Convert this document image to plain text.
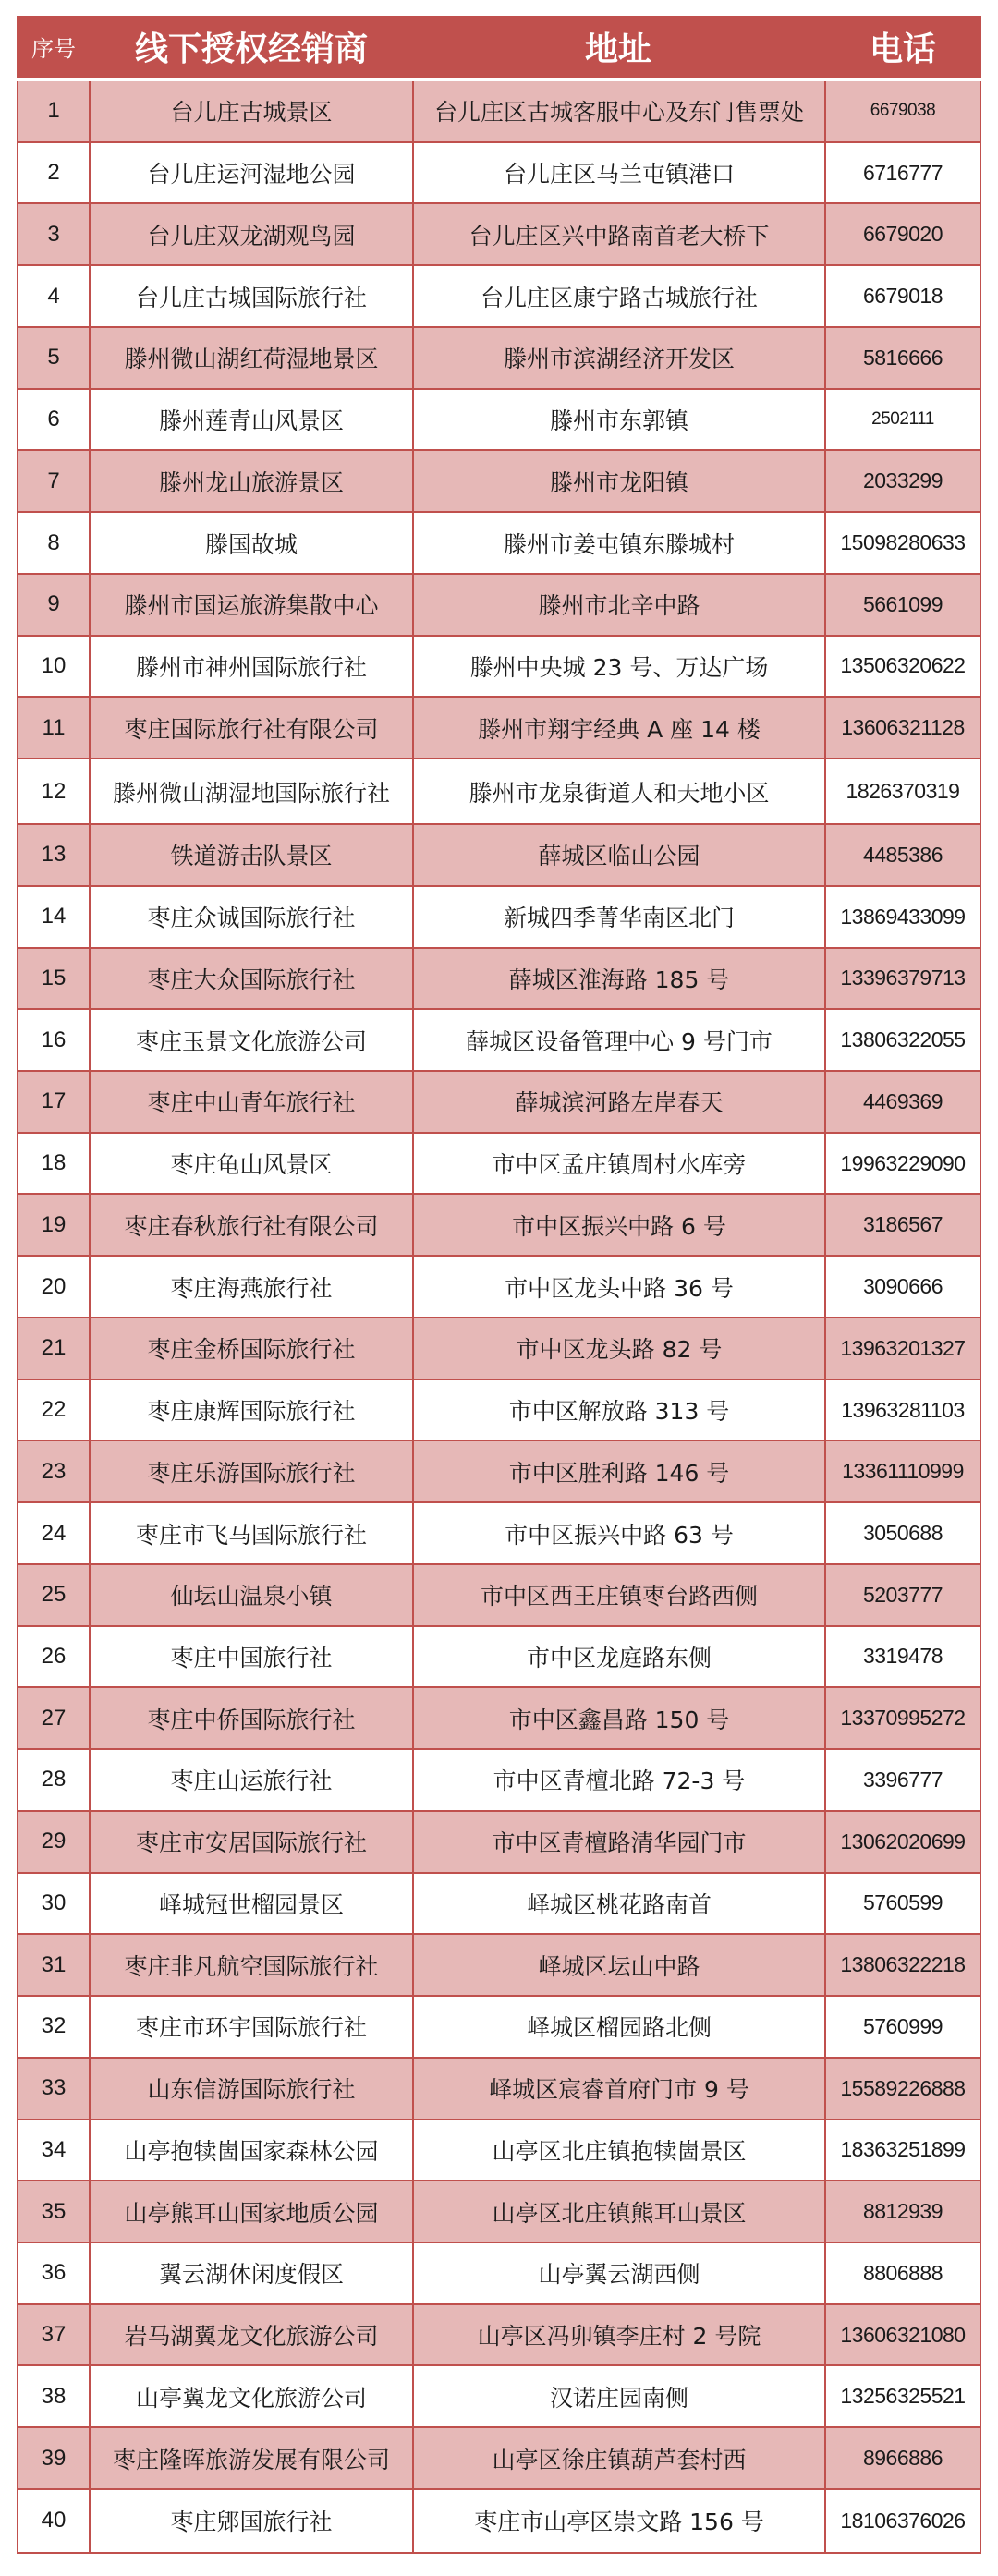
序号	线下授权经销商	地址	电话
1	台儿庄古城景区	台儿庄区古城客服中心及东门售票处	6679038
2	台儿庄运河湿地公园	台儿庄区马兰屯镇港口	6716777
3	台儿庄双龙湖观鸟园	台儿庄区兴中路南首老大桥下	6679020
4	台儿庄古城国际旅行社	台儿庄区康宁路古城旅行社	6679018
5	滕州微山湖红荷湿地景区	滕州市滨湖经济开发区	5816666
6	滕州莲青山风景区	滕州市东郭镇	2502111
7	滕州龙山旅游景区	滕州市龙阳镇	2033299
8	滕国故城	滕州市姜屯镇东滕城村	15098280633
9	滕州市国运旅游集散中心	滕州市北辛中路	5661099
10	滕州市神州国际旅行社	滕州中央城 23 号、万达广场	13506320622
11	枣庄国际旅行社有限公司	滕州市翔宇经典 A 座 14 楼	13606321128
12	滕州微山湖湿地国际旅行社	滕州市龙泉街道人和天地小区	1826370319
13	铁道游击队景区	薛城区临山公园	4485386
14	枣庄众诚国际旅行社	新城四季菁华南区北门	13869433099
15	枣庄大众国际旅行社	薛城区淮海路 185 号	13396379713
16	枣庄玉景文化旅游公司	薛城区设备管理中心 9 号门市	13806322055
17	枣庄中山青年旅行社	薛城滨河路左岸春天	4469369
18	枣庄龟山风景区	市中区孟庄镇周村水库旁	19963229090
19	枣庄春秋旅行社有限公司	市中区振兴中路 6 号	3186567
20	枣庄海燕旅行社	市中区龙头中路 36 号	3090666
21	枣庄金桥国际旅行社	市中区龙头路 82 号	13963201327
22	枣庄康辉国际旅行社	市中区解放路 313 号	13963281103
23	枣庄乐游国际旅行社	市中区胜利路 146 号	13361110999
24	枣庄市飞马国际旅行社	市中区振兴中路 63 号	3050688
25	仙坛山温泉小镇	市中区西王庄镇枣台路西侧	5203777
26	枣庄中国旅行社	市中区龙庭路东侧	3319478
27	枣庄中侨国际旅行社	市中区鑫昌路 150 号	13370995272
28	枣庄山运旅行社	市中区青檀北路 72-3 号	3396777
29	枣庄市安居国际旅行社	市中区青檀路清华园门市	13062020699
30	峄城冠世榴园景区	峄城区桃花路南首	5760599
31	枣庄非凡航空国际旅行社	峄城区坛山中路	13806322218
32	枣庄市环宇国际旅行社	峄城区榴园路北侧	5760999
33	山东信游国际旅行社	峄城区宸睿首府门市 9 号	15589226888
34	山亭抱犊崮国家森林公园	山亭区北庄镇抱犊崮景区	18363251899
35	山亭熊耳山国家地质公园	山亭区北庄镇熊耳山景区	8812939
36	翼云湖休闲度假区	山亭翼云湖西侧	8806888
37	岩马湖翼龙文化旅游公司	山亭区冯卯镇李庄村 2 号院	13606321080
38	山亭翼龙文化旅游公司	汉诺庄园南侧	13256325521
39	枣庄隆晖旅游发展有限公司	山亭区徐庄镇葫芦套村西	8966886
40	枣庄郳国旅行社	枣庄市山亭区崇文路 156 号	18106376026
